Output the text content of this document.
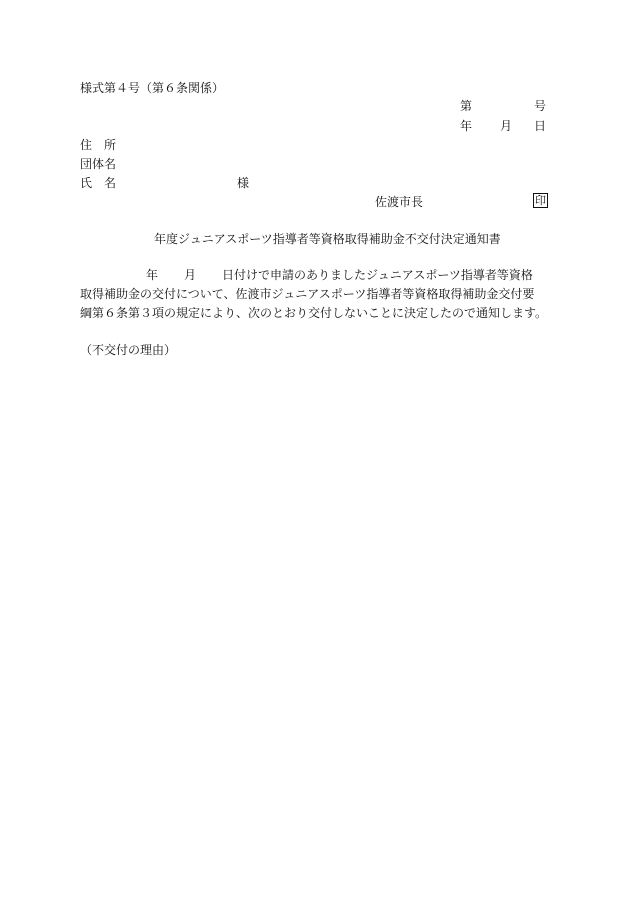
様式第４号（第６条関係）
第	号
年 月 日
住　所
団体名
氏　名	様
佐渡市長	印
年度ジュニアスポーツ指導者等資格取得補助金不交付決定通知書
年 月 日付けで申請のありましたジュニアスポーツ指導者等資格
取得補助金の交付について、佐渡市ジュニアスポーツ指導者等資格取得補助金交付要
綱第６条第３項の規定により、次のとおり交付しないことに決定したので通知します。
（不交付の理由）
